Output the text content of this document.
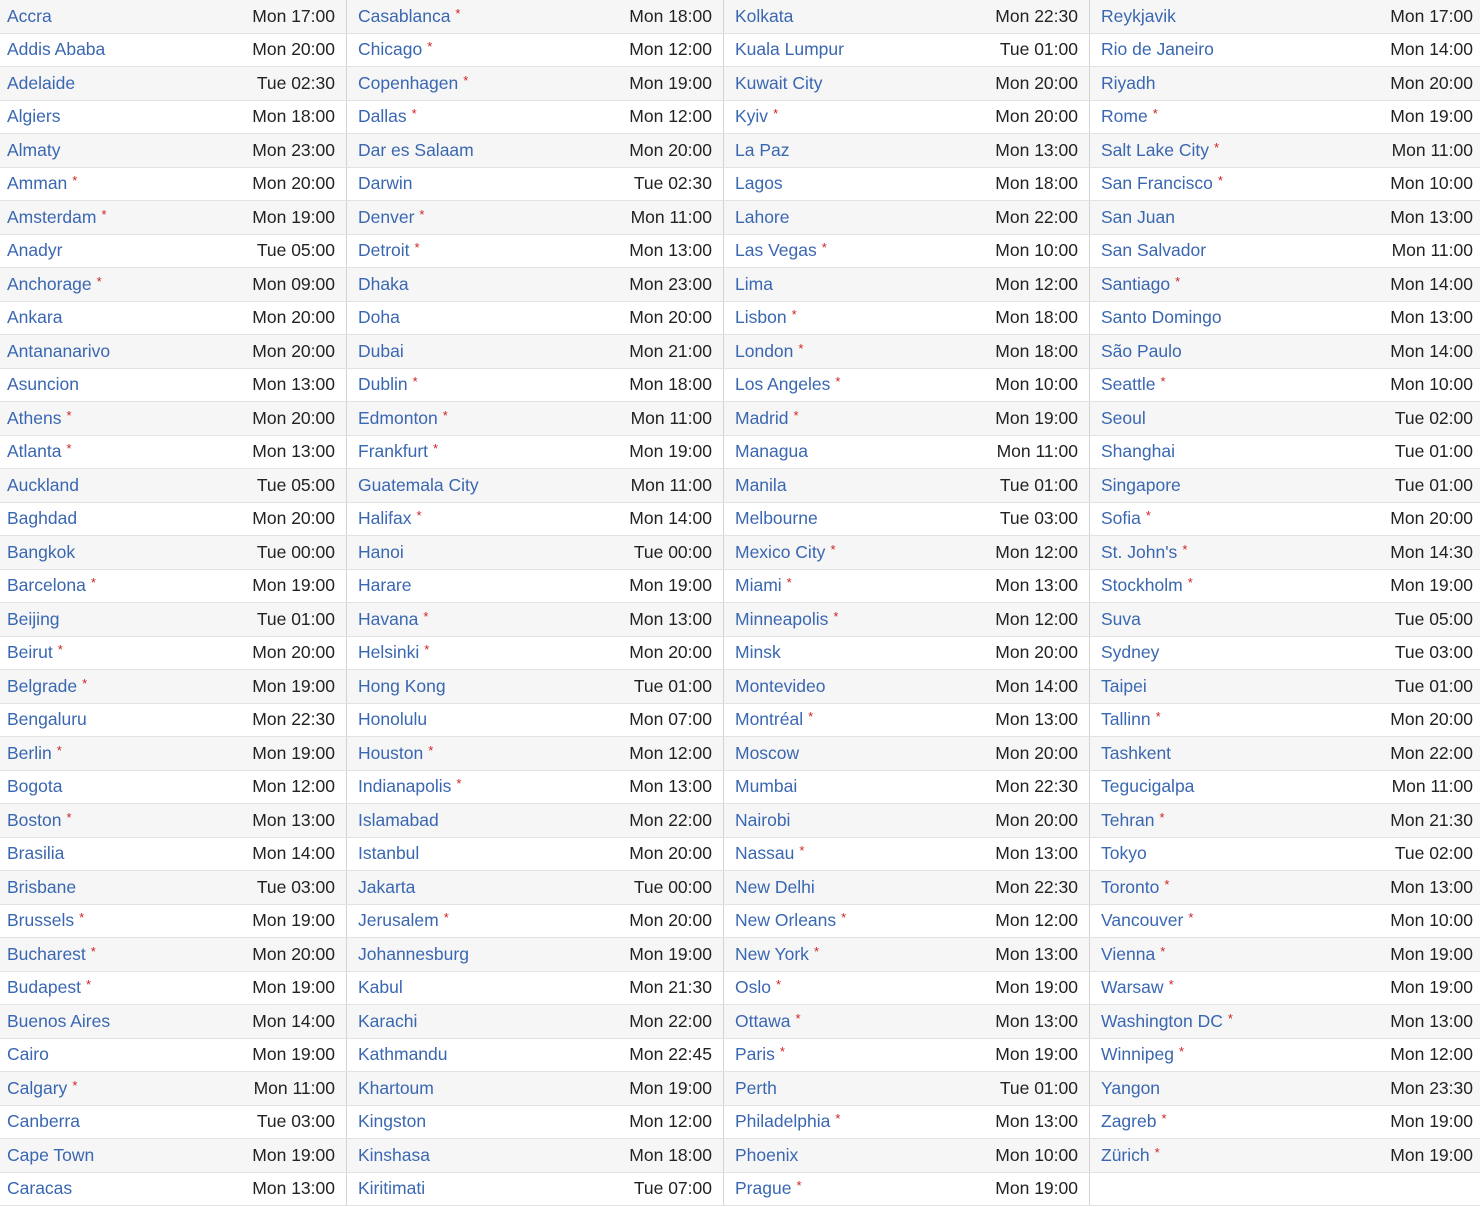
Accra	Mon 17:00 Casablanca *	Mon 18:00 Kolkata	Mon 22:30 Reykjavik	Mon 17:00
Addis Ababa	Mon 20:00 Chicago *	Mon 12:00 Kuala Lumpur	Tue 01:00 Rio de Janeiro	Mon 14:00
Adelaide	Tue 02:30 Copenhagen *	Mon 19:00 Kuwait City	Mon 20:00 Riyadh	Mon 20:00
Algiers	Mon 18:00 Dallas *	Mon 12:00 Kyiv *	Mon 20:00 Rome *	Mon 19:00
Almaty	Mon 23:00 Dar es Salaam	Mon 20:00 La Paz	Mon 13:00 Salt Lake City *	Mon 11:00
Amman *	Mon 20:00 Darwin	Tue 02:30 Lagos	Mon 18:00 San Francisco *	Mon 10:00
Amsterdam *	Mon 19:00 Denver *	Mon 11:00 Lahore	Mon 22:00 San Juan	Mon 13:00
Anadyr	Tue 05:00 Detroit *	Mon 13:00 Las Vegas *	Mon 10:00 San Salvador	Mon 11:00
Anchorage *	Mon 09:00 Dhaka	Mon 23:00 Lima	Mon 12:00 Santiago *	Mon 14:00
Ankara	Mon 20:00 Doha	Mon 20:00 Lisbon *	Mon 18:00 Santo Domingo	Mon 13:00
Antananarivo	Mon 20:00 Dubai	Mon 21:00 London *	Mon 18:00 São Paulo	Mon 14:00
Asuncion	Mon 13:00 Dublin *	Mon 18:00 Los Angeles *	Mon 10:00 Seattle *	Mon 10:00
Athens *	Mon 20:00 Edmonton *	Mon 11:00 Madrid *	Mon 19:00 Seoul	Tue 02:00
Atlanta *	Mon 13:00 Frankfurt *	Mon 19:00 Managua	Mon 11:00 Shanghai	Tue 01:00
Auckland	Tue 05:00 Guatemala City	Mon 11:00 Manila	Tue 01:00 Singapore	Tue 01:00
Baghdad	Mon 20:00 Halifax *	Mon 14:00 Melbourne	Tue 03:00 Sofia *	Mon 20:00
Bangkok	Tue 00:00 Hanoi	Tue 00:00 Mexico City *	Mon 12:00 St. John's *	Mon 14:30
Barcelona *	Mon 19:00 Harare	Mon 19:00 Miami *	Mon 13:00 Stockholm *	Mon 19:00
Beijing	Tue 01:00 Havana *	Mon 13:00 Minneapolis *	Mon 12:00 Suva	Tue 05:00
Beirut *	Mon 20:00 Helsinki *	Mon 20:00 Minsk	Mon 20:00 Sydney	Tue 03:00
Belgrade *	Mon 19:00 Hong Kong	Tue 01:00 Montevideo	Mon 14:00 Taipei	Tue 01:00
Bengaluru	Mon 22:30 Honolulu	Mon 07:00 Montréal *	Mon 13:00 Tallinn *	Mon 20:00
Berlin *	Mon 19:00 Houston *	Mon 12:00 Moscow	Mon 20:00 Tashkent	Mon 22:00
Bogota	Mon 12:00 Indianapolis *	Mon 13:00 Mumbai	Mon 22:30 Tegucigalpa	Mon 11:00
Boston *	Mon 13:00 Islamabad	Mon 22:00 Nairobi	Mon 20:00 Tehran *	Mon 21:30
Brasilia	Mon 14:00 Istanbul	Mon 20:00 Nassau *	Mon 13:00 Tokyo	Tue 02:00
Brisbane	Tue 03:00 Jakarta	Tue 00:00 New Delhi	Mon 22:30 Toronto *	Mon 13:00
Brussels *	Mon 19:00 Jerusalem *	Mon 20:00 New Orleans *	Mon 12:00 Vancouver *	Mon 10:00
Bucharest *	Mon 20:00 Johannesburg	Mon 19:00 New York *	Mon 13:00 Vienna *	Mon 19:00
Budapest *	Mon 19:00 Kabul	Mon 21:30 Oslo *	Mon 19:00 Warsaw *	Mon 19:00
Buenos Aires	Mon 14:00 Karachi	Mon 22:00 Ottawa *	Mon 13:00 Washington DC *	Mon 13:00
Cairo	Mon 19:00 Kathmandu	Mon 22:45 Paris *	Mon 19:00 Winnipeg *	Mon 12:00
Calgary *	Mon 11:00 Khartoum	Mon 19:00 Perth	Tue 01:00 Yangon	Mon 23:30
Canberra	Tue 03:00 Kingston	Mon 12:00 Philadelphia *	Mon 13:00 Zagreb *	Mon 19:00
Cape Town	Mon 19:00 Kinshasa	Mon 18:00 Phoenix	Mon 10:00 Zürich *	Mon 19:00
Caracas	Mon 13:00 Kiritimati	Tue 07:00 Prague *	Mon 19:00
